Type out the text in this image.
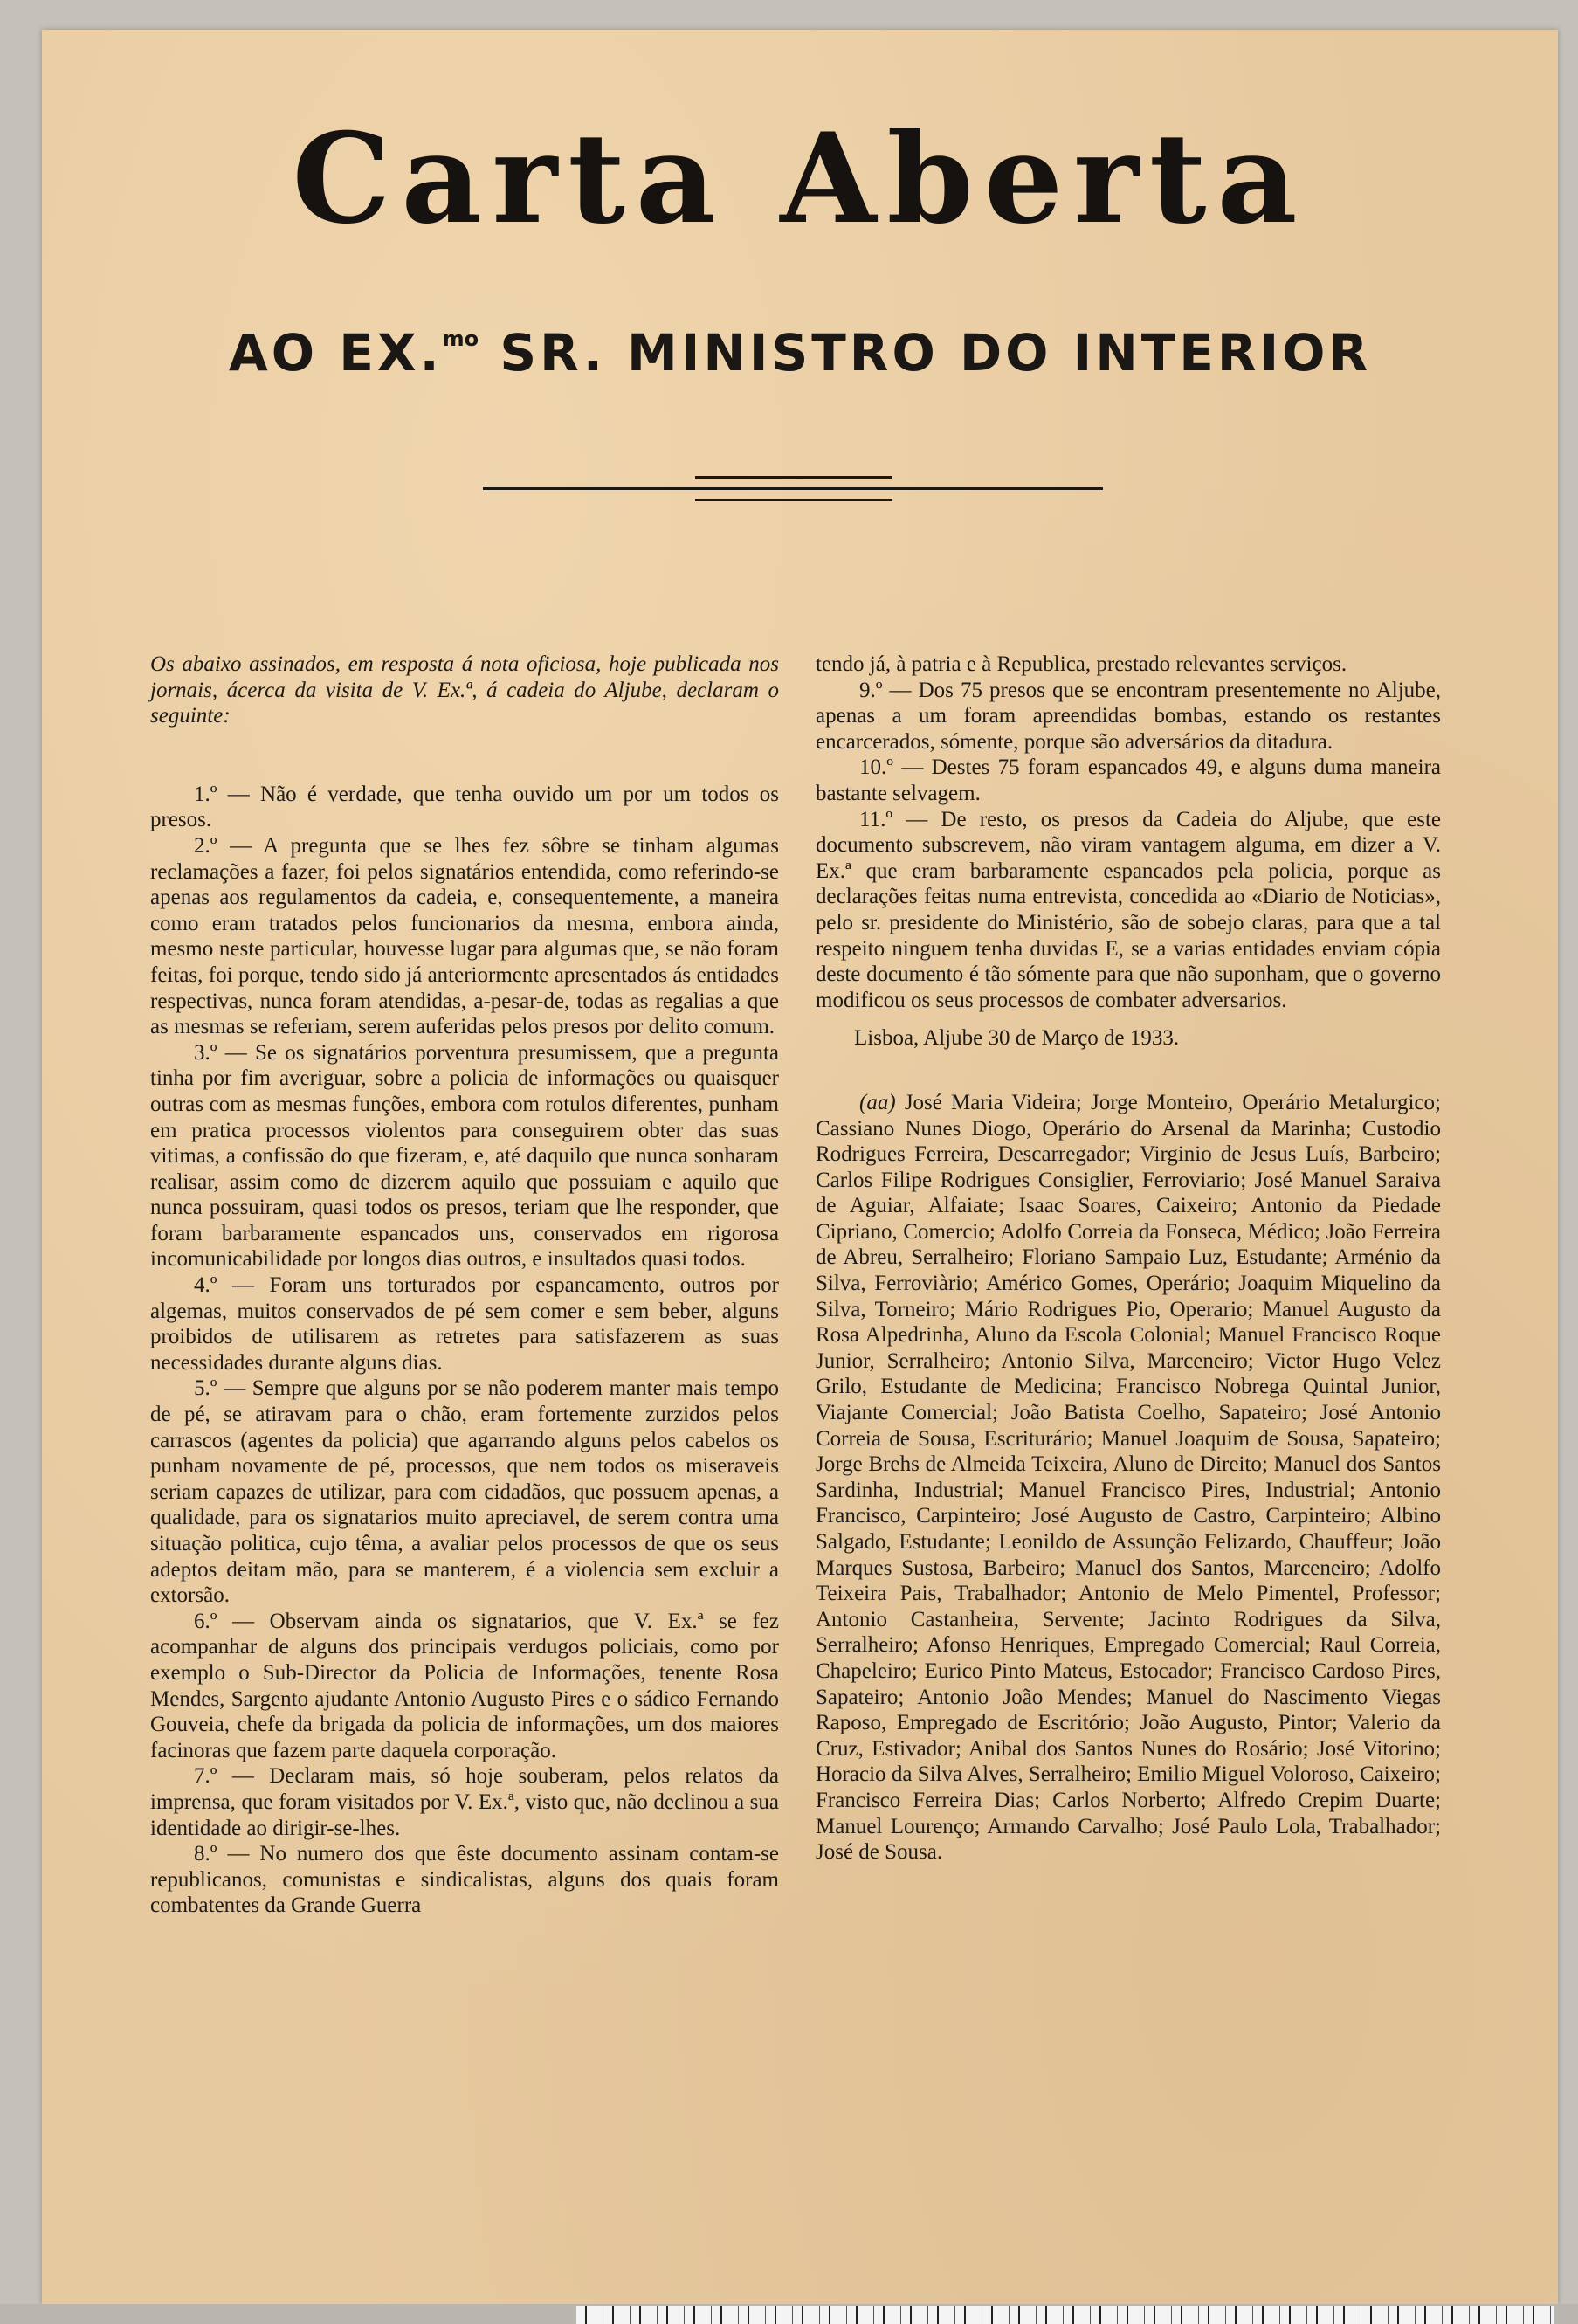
Carta Aberta
AO EX.$^{mo}$ SR. MINISTRO DO INTERIOR

Os abaixo assinados, em resposta á nota oficiosa, hoje publicada nos jornais, ácerca da visita de V. Ex.ª, á cadeia do Aljube, declaram o seguinte:

1.º — Não é verdade, que tenha ouvido um por um todos os presos.

2.º — A pregunta que se lhes fez sôbre se tinham algumas reclamações a fazer, foi pelos signatários entendida, como referindo-se apenas aos regulamentos da cadeia, e, consequentemente, a maneira como eram tratados pelos funcionarios da mesma, embora ainda, mesmo neste particular, houvesse lugar para algumas que, se não foram feitas, foi porque, tendo sido já anteriormente apresentados ás entidades respectivas, nunca foram atendidas, a-pesar-de, todas as regalias a que as mesmas se referiam, serem auferidas pelos presos por delito comum.

3.º — Se os signatários porventura presumissem, que a pregunta tinha por fim averiguar, sobre a policia de informações ou quaisquer outras com as mesmas funções, embora com rotulos diferentes, punham em pratica processos violentos para conseguirem obter das suas vitimas, a confissão do que fizeram, e, até daquilo que nunca sonharam realisar, assim como de dizerem aquilo que possuiam e aquilo que nunca possuiram, quasi todos os presos, teriam que lhe responder, que foram barbaramente espancados uns, conservados em rigorosa incomunicabilidade por longos dias outros, e insultados quasi todos.

4.º — Foram uns torturados por espancamento, outros por algemas, muitos conservados de pé sem comer e sem beber, alguns proibidos de utilisarem as retretes para satisfazerem as suas necessidades durante alguns dias.

5.º — Sempre que alguns por se não poderem manter mais tempo de pé, se atiravam para o chão, eram fortemente zurzidos pelos carrascos (agentes da policia) que agarrando alguns pelos cabelos os punham novamente de pé, processos, que nem todos os miseraveis seriam capazes de utilizar, para com cidadãos, que possuem apenas, a qualidade, para os signatarios muito apreciavel, de serem contra uma situação politica, cujo têma, a avaliar pelos processos de que os seus adeptos deitam mão, para se manterem, é a violencia sem excluir a extorsão.

6.º — Observam ainda os signatarios, que V. Ex.ª se fez acompanhar de alguns dos principais verdugos policiais, como por exemplo o Sub-Director da Policia de Informações, tenente Rosa Mendes, Sargento ajudante Antonio Augusto Pires e o sádico Fernando Gouveia, chefe da brigada da policia de informações, um dos maiores facinoras que fazem parte daquela corporação.

7.º — Declaram mais, só hoje souberam, pelos relatos da imprensa, que foram visitados por V. Ex.ª, visto que, não declinou a sua identidade ao dirigir-se-lhes.

8.º — No numero dos que êste documento assinam contam-se republicanos, comunistas e sindicalistas, alguns dos quais foram combatentes da Grande Guerra

tendo já, à patria e à Republica, prestado relevantes serviços.

9.º — Dos 75 presos que se encontram presentemente no Aljube, apenas a um foram apreendidas bombas, estando os restantes encarcerados, sómente, porque são adversários da ditadura.

10.º — Destes 75 foram espancados 49, e alguns duma maneira bastante selvagem.

11.º — De resto, os presos da Cadeia do Aljube, que este documento subscrevem, não viram vantagem alguma, em dizer a V. Ex.ª que eram barbaramente espancados pela policia, porque as declarações feitas numa entrevista, concedida ao «Diario de Noticias», pelo sr. presidente do Ministério, são de sobejo claras, para que a tal respeito ninguem tenha duvidas E, se a varias entidades enviam cópia deste documento é tão sómente para que não suponham, que o governo modificou os seus processos de combater adversarios.

Lisboa, Aljube 30 de Março de 1933.

(aa) José Maria Videira; Jorge Monteiro, Operário Metalurgico; Cassiano Nunes Diogo, Operário do Arsenal da Marinha; Custodio Rodrigues Ferreira, Descarregador; Virginio de Jesus Luís, Barbeiro; Carlos Filipe Rodrigues Consiglier, Ferroviario; José Manuel Saraiva de Aguiar, Alfaiate; Isaac Soares, Caixeiro; Antonio da Piedade Cipriano, Comercio; Adolfo Correia da Fonseca, Médico; João Ferreira de Abreu, Serralheiro; Floriano Sampaio Luz, Estudante; Arménio da Silva, Ferroviàrio; Américo Gomes, Operário; Joaquim Miquelino da Silva, Torneiro; Mário Rodrigues Pio, Operario; Manuel Augusto da Rosa Alpedrinha, Aluno da Escola Colonial; Manuel Francisco Roque Junior, Serralheiro; Antonio Silva, Marceneiro; Victor Hugo Velez Grilo, Estudante de Medicina; Francisco Nobrega Quintal Junior, Viajante Comercial; João Batista Coelho, Sapateiro; José Antonio Correia de Sousa, Escriturário; Manuel Joaquim de Sousa, Sapateiro; Jorge Brehs de Almeida Teixeira, Aluno de Direito; Manuel dos Santos Sardinha, Industrial; Manuel Francisco Pires, Industrial; Antonio Francisco, Carpinteiro; José Augusto de Castro, Carpinteiro; Albino Salgado, Estudante; Leonildo de Assunção Felizardo, Chauffeur; João Marques Sustosa, Barbeiro; Manuel dos Santos, Marceneiro; Adolfo Teixeira Pais, Trabalhador; Antonio de Melo Pimentel, Professor; Antonio Castanheira, Servente; Jacinto Rodrigues da Silva, Serralheiro; Afonso Henriques, Empregado Comercial; Raul Correia, Chapeleiro; Eurico Pinto Mateus, Estocador; Francisco Cardoso Pires, Sapateiro; Antonio João Mendes; Manuel do Nascimento Viegas Raposo, Empregado de Escritório; João Augusto, Pintor; Valerio da Cruz, Estivador; Anibal dos Santos Nunes do Rosário; José Vitorino; Horacio da Silva Alves, Serralheiro; Emilio Miguel Voloroso, Caixeiro; Francisco Ferreira Dias; Carlos Norberto; Alfredo Crepim Duarte; Manuel Lourenço; Armando Carvalho; José Paulo Lola, Trabalhador; José de Sousa.
